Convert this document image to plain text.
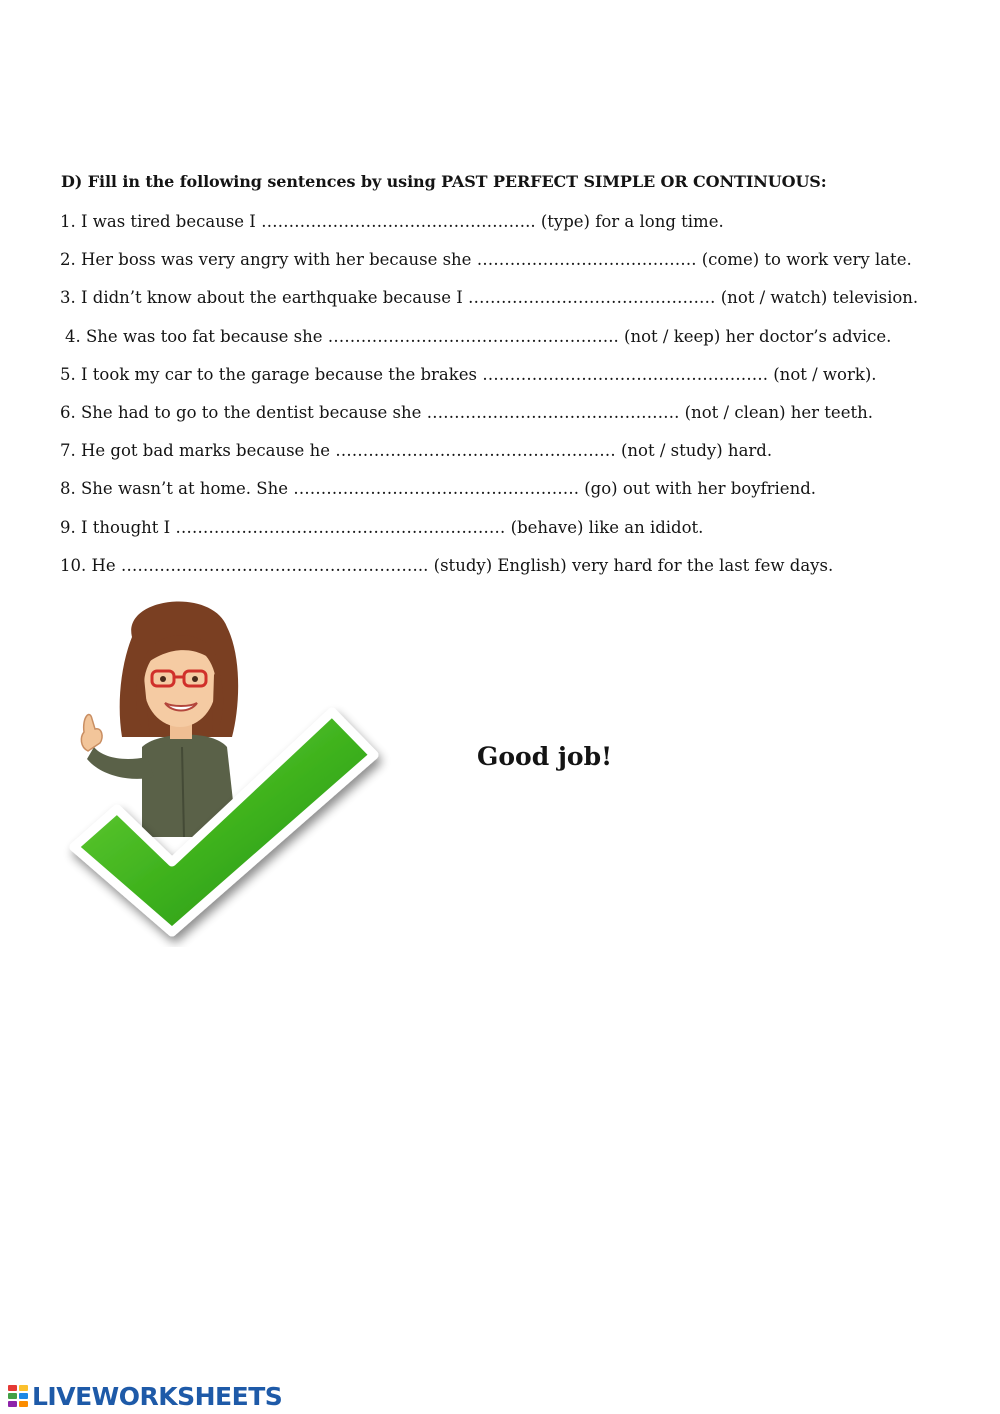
D) Fill in the following sentences by using PAST PERFECT SIMPLE OR CONTINUOUS:
1. I was tired because I ………………………………………….. (type) for a long time.
2. Her boss was very angry with her because she …………………………………. (come) to work very late.
3. I didn’t know about the earthquake because I ……………………………………… (not / watch) television.
4. She was too fat because she …………………………………………….. (not / keep) her doctor’s advice.
5. I took my car to the garage because the brakes ……………………………………………. (not / work).
6. She had to go to the dentist because she ………………………………………. (not / clean) her teeth.
7. He got bad marks because he …………………………………………… (not / study) hard.
8. She wasn’t at home. She ……………………………………………. (go) out with her boyfriend.
9. I thought I …………………………………………………… (behave) like an ididot.
10. He ……………………………………………….. (study) English) very hard for the last few days.
Good job!
LIVEWORKSHEETS
